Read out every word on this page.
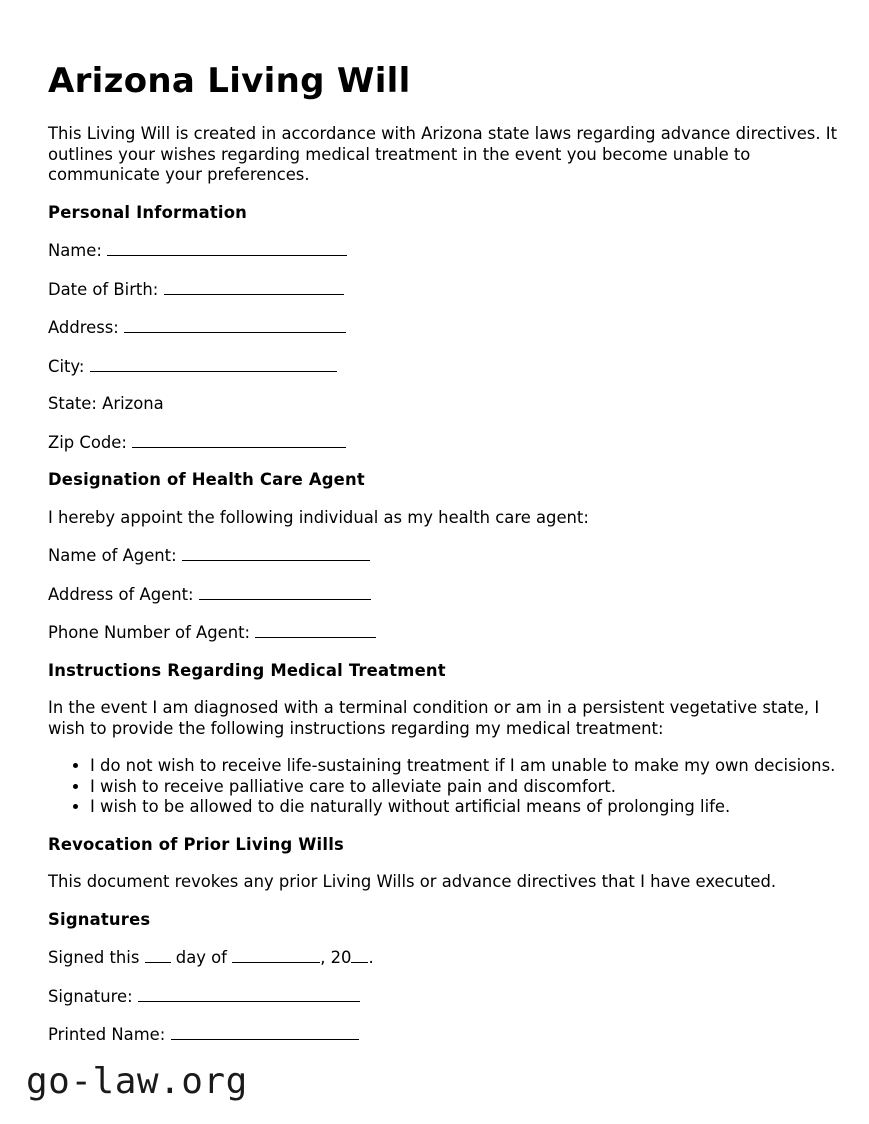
Arizona Living Will

This Living Will is created in accordance with Arizona state laws regarding advance directives. It outlines your wishes regarding medical treatment in the event you become unable to communicate your preferences.

Personal Information

Name:

Date of Birth:

Address:

City:

State: Arizona

Zip Code:

Designation of Health Care Agent

I hereby appoint the following individual as my health care agent:

Name of Agent:

Address of Agent:

Phone Number of Agent:

Instructions Regarding Medical Treatment

In the event I am diagnosed with a terminal condition or am in a persistent vegetative state, I wish to provide the following instructions regarding my medical treatment:

• I do not wish to receive life-sustaining treatment if I am unable to make my own decisions.
• I wish to receive palliative care to alleviate pain and discomfort.
• I wish to be allowed to die naturally without artificial means of prolonging life.
Revocation of Prior Living Wills

This document revokes any prior Living Wills or advance directives that I have executed.

Signatures

Signed this day of	, 20 .

Signature:

Printed Name:

go-law.org
